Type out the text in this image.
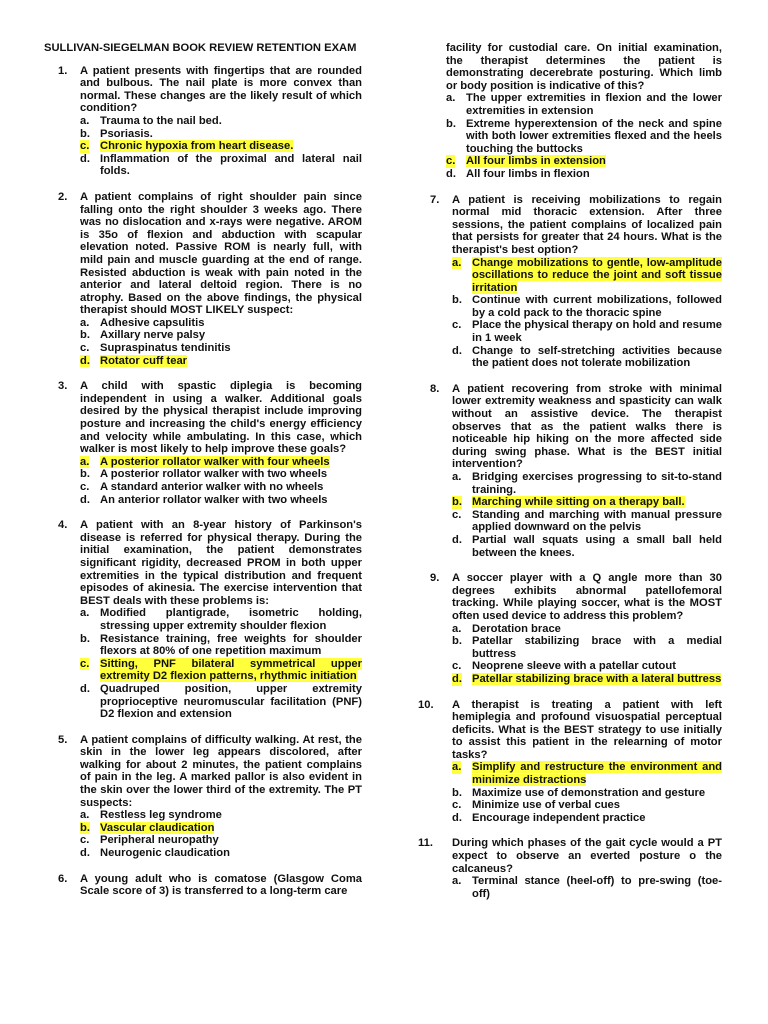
SULLIVAN-SIEGELMAN BOOK REVIEW RETENTION EXAM
1. A patient presents with fingertips that are rounded and bulbous. The nail plate is more convex than normal. These changes are the likely result of which condition?
a. Trauma to the nail bed.
b. Psoriasis.
c. Chronic hypoxia from heart disease.
d. Inflammation of the proximal and lateral nail folds.
2. A patient complains of right shoulder pain since falling onto the right shoulder 3 weeks ago. There was no dislocation and x-rays were negative. AROM is 35o of flexion and abduction with scapular elevation noted. Passive ROM is nearly full, with mild pain and muscle guarding at the end of range. Resisted abduction is weak with pain noted in the anterior and lateral deltoid region. There is no atrophy. Based on the above findings, the physical therapist should MOST LIKELY suspect:
a. Adhesive capsulitis
b. Axillary nerve palsy
c. Supraspinatus tendinitis
d. Rotator cuff tear
3. A child with spastic diplegia is becoming independent in using a walker. Additional goals desired by the physical therapist include improving posture and increasing the child's energy efficiency and velocity while ambulating. In this case, which walker is most likely to help improve these goals?
a. A posterior rollator walker with four wheels
b. A posterior rollator walker with two wheels
c. A standard anterior walker with no wheels
d. An anterior rollator walker with two wheels
4. A patient with an 8-year history of Parkinson's disease is referred for physical therapy. During the initial examination, the patient demonstrates significant rigidity, decreased PROM in both upper extremities in the typical distribution and frequent episodes of akinesia. The exercise intervention that BEST deals with these problems is:
a. Modified plantigrade, isometric holding, stressing upper extremity shoulder flexion
b. Resistance training, free weights for shoulder flexors at 80% of one repetition maximum
c. Sitting, PNF bilateral symmetrical upper extremity D2 flexion patterns, rhythmic initiation
d. Quadruped position, upper extremity proprioceptive neuromuscular facilitation (PNF) D2 flexion and extension
5. A patient complains of difficulty walking. At rest, the skin in the lower leg appears discolored, after walking for about 2 minutes, the patient complains of pain in the leg. A marked pallor is also evident in the skin over the lower third of the extremity. The PT suspects:
a. Restless leg syndrome
b. Vascular claudication
c. Peripheral neuropathy
d. Neurogenic claudication
6. A young adult who is comatose (Glasgow Coma Scale score of 3) is transferred to a long-term care
facility for custodial care. On initial examination, the therapist determines the patient is demonstrating decerebrate posturing. Which limb or body position is indicative of this?
a. The upper extremities in flexion and the lower extremities in extension
b. Extreme hyperextension of the neck and spine with both lower extremities flexed and the heels touching the buttocks
c. All four limbs in extension
d. All four limbs in flexion
7. A patient is receiving mobilizations to regain normal mid thoracic extension. After three sessions, the patient complains of localized pain that persists for greater that 24 hours. What is the therapist's best option?
a. Change mobilizations to gentle, low-amplitude oscillations to reduce the joint and soft tissue irritation
b. Continue with current mobilizations, followed by a cold pack to the thoracic spine
c. Place the physical therapy on hold and resume in 1 week
d. Change to self-stretching activities because the patient does not tolerate mobilization
8. A patient recovering from stroke with minimal lower extremity weakness and spasticity can walk without an assistive device. The therapist observes that as the patient walks there is noticeable hip hiking on the more affected side during swing phase. What is the BEST initial intervention?
a. Bridging exercises progressing to sit-to-stand training.
b. Marching while sitting on a therapy ball.
c. Standing and marching with manual pressure applied downward on the pelvis
d. Partial wall squats using a small ball held between the knees.
9. A soccer player with a Q angle more than 30 degrees exhibits abnormal patellofemoral tracking. While playing soccer, what is the MOST often used device to address this problem?
a. Derotation brace
b. Patellar stabilizing brace with a medial buttress
c. Neoprene sleeve with a patellar cutout
d. Patellar stabilizing brace with a lateral buttress
10. A therapist is treating a patient with left hemiplegia and profound visuospatial perceptual deficits. What is the BEST strategy to use initially to assist this patient in the relearning of motor tasks?
a. Simplify and restructure the environment and minimize distractions
b. Maximize use of demonstration and gesture
c. Minimize use of verbal cues
d. Encourage independent practice
11. During which phases of the gait cycle would a PT expect to observe an everted posture o the calcaneus?
a. Terminal stance (heel-off) to pre-swing (toe-off)
